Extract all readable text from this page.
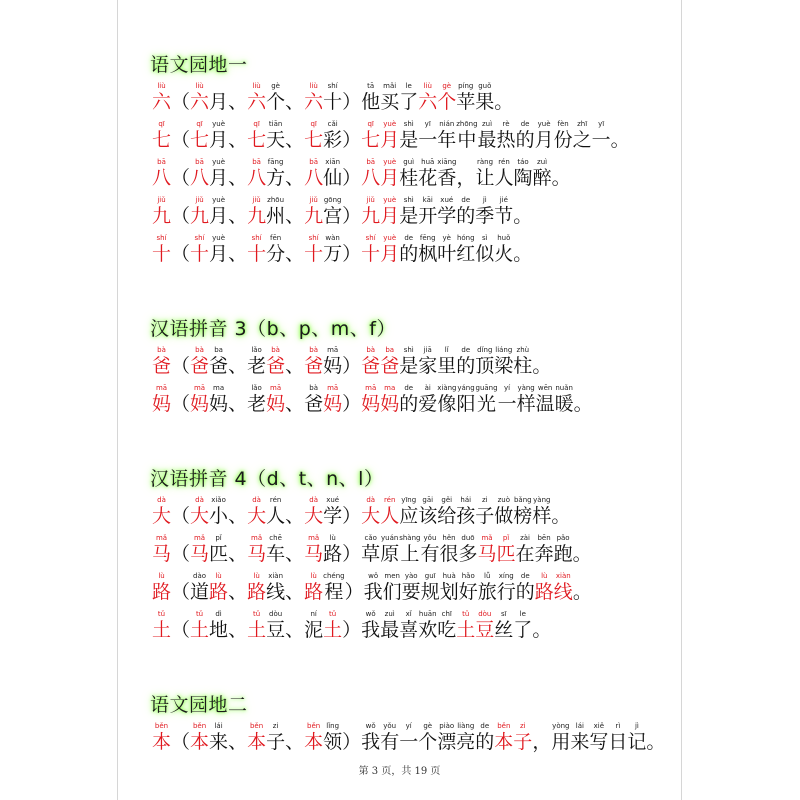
语文园地一
liù
六 （
liù
六 月 、
liù
六
gè
个 、
liù
六
shí
十 ）
tā
他
mǎi
买
le
了
liù
六
gè
个
píng
苹
guǒ
果 。
qī
七 （
qī
七
yuè
月 、
qī
七
tiān
天 、
qī
七
cǎi
彩 ）
qī
七
yuè
月
shì
是
yī
一
nián
年
zhōng
中
zuì
最
rè
热
de
的
yuè
月
fèn
份
zhī
之
yī
一 。
bā
八 （
bā
八
yuè
月 、
bā
八
fāng
方 、
bā
八
xiān
仙 ）
bā
八
yuè
月
guì
桂
huā
花
xiāng
香 ，
ràng
让
rén
人
táo
陶
zuì
醉 。
jiǔ
九 （
jiǔ
九
yuè
月 、
jiǔ
九
zhōu
州 、
jiǔ
九
gōng
宫 ）
jiǔ
九
yuè
月
shì
是
kāi
开
xué
学
de
的
jì
季
jié
节 。
shí
十 （
shí
十
yuè
月 、
shí
十
fēn
分 、
shí
十
wàn
万 ）
shí
十
yuè
月
de
的
fēng
枫
yè
叶
hóng
红
sì
似
huǒ
火 。
汉语拼音 3（b、p、m、f）
bà
爸 （
bà
爸
ba
爸 、
lǎo
老
bà
爸 、
bà
爸
mā
妈 ）
bà
爸
ba
爸
shì
是
jiā
家
lǐ
里
de
的
dǐng
顶
liáng
梁
zhù
柱 。
mā
妈 （
mā
妈
ma
妈 、
lǎo
老
mā
妈 、
bà
爸
mā
妈 ）
mā
妈
ma
妈
de
的
ài
爱
xiàng
像
yáng
阳
guāng
光
yí
一
yàng
样
wēn
温
nuǎn
暖 。
汉语拼音 4（d、t、n、l）
dà
大 （
dà
大
xiǎo
小 、
dà
大
rén
人 、
dà
大
xué
学 ）
dà
大
rén
人
yīng
应
gāi
该
gěi
给
hái
孩
zi
子
zuò
做
bǎng
榜
yàng
样 。
mǎ
马 （
mǎ
马
pǐ
匹 、
mǎ
马
chē
车 、
mǎ
马
lù
路 ）
cǎo
草
yuán
原
shàng
上
yǒu
有
hěn
很
duō
多
mǎ
马
pǐ
匹
zài
在
bēn
奔
pǎo
跑 。
lù
路 （
dào
道
lù
路 、
lù
路
xiàn
线 、
lù
路
chéng
程 ）
wǒ
我
men
们
yào
要
guī
规
huà
划
hǎo
好
lǚ
旅
xíng
行
de
的
lù
路
xiàn
线 。
tǔ
土 （
tǔ
土
dì
地 、
tǔ
土
dòu
豆 、
ní
泥
tǔ
土 ）
wǒ
我
zuì
最
xǐ
喜
huān
欢
chī
吃
tǔ
土
dòu
豆
sī
丝
le
了 。
语文园地二
běn
本 （
běn
本
lái
来 、
běn
本
zi
子 、
běn
本
lǐng
领 ）
wǒ
我
yǒu
有
yí
一
gè
个
piào
漂
liàng
亮
de
的
běn
本
zi
子 ，
yòng
用
lái
来
xiě
写
rì
日
jì
记 。
第 3 页，共 19 页
